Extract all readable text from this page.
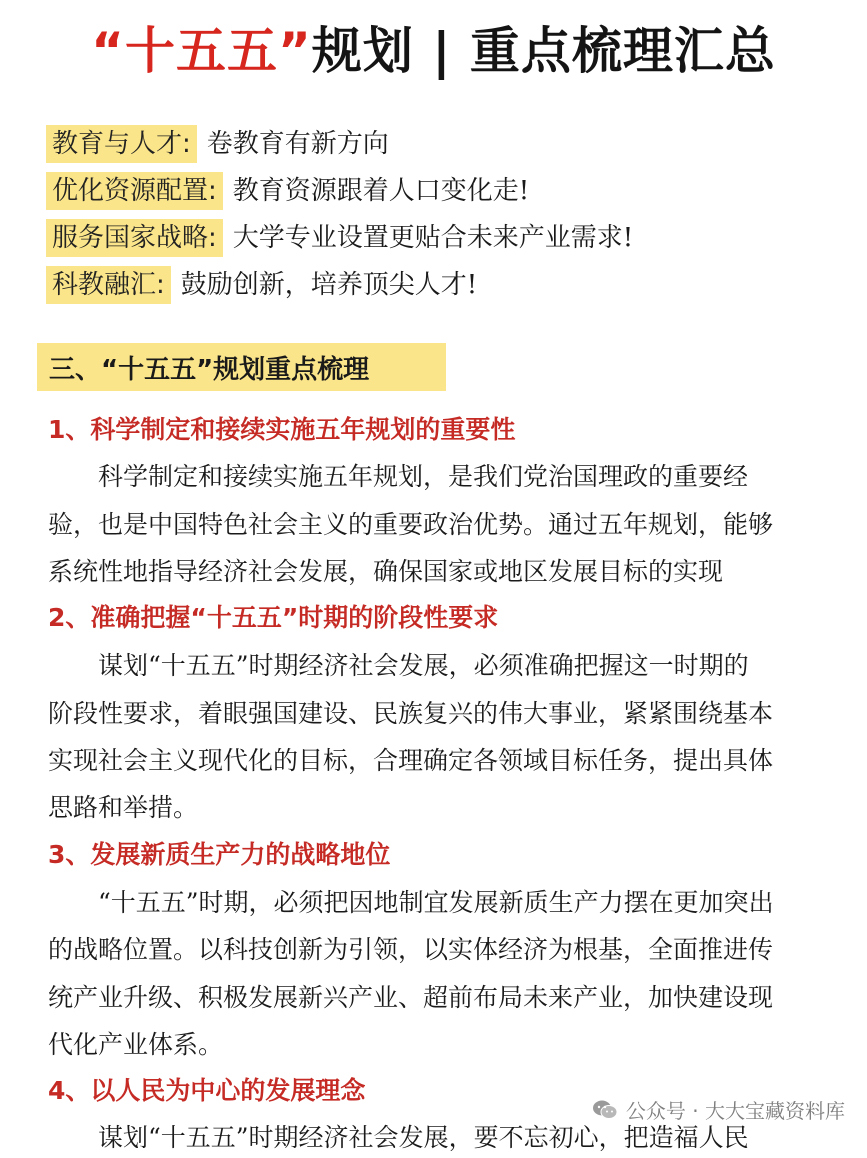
“十五五”规划 | 重点梳理汇总
教育与人才: 卷教育有新方向
优化资源配置: 教育资源跟着人口变化走!
服务国家战略: 大学专业设置更贴合未来产业需求!
科教融汇: 鼓励创新，培养顶尖人才!
三、“十五五”规划重点梳理
1、科学制定和接续实施五年规划的重要性
科学制定和接续实施五年规划，是我们党治国理政的重要经
验，也是中国特色社会主义的重要政治优势。通过五年规划，能够
系统性地指导经济社会发展，确保国家或地区发展目标的实现
2、准确把握“十五五”时期的阶段性要求
谋划“十五五”时期经济社会发展，必须准确把握这一时期的
阶段性要求，着眼强国建设、民族复兴的伟大事业，紧紧围绕基本
实现社会主义现代化的目标，合理确定各领域目标任务，提出具体
思路和举措。
3、发展新质生产力的战略地位
“十五五”时期，必须把因地制宜发展新质生产力摆在更加突出
的战略位置。以科技创新为引领，以实体经济为根基，全面推进传
统产业升级、积极发展新兴产业、超前布局未来产业，加快建设现
代化产业体系。
4、以人民为中心的发展理念
谋划“十五五”时期经济社会发展，要不忘初心，把造福人民
公众号 · 大大宝藏资料库
